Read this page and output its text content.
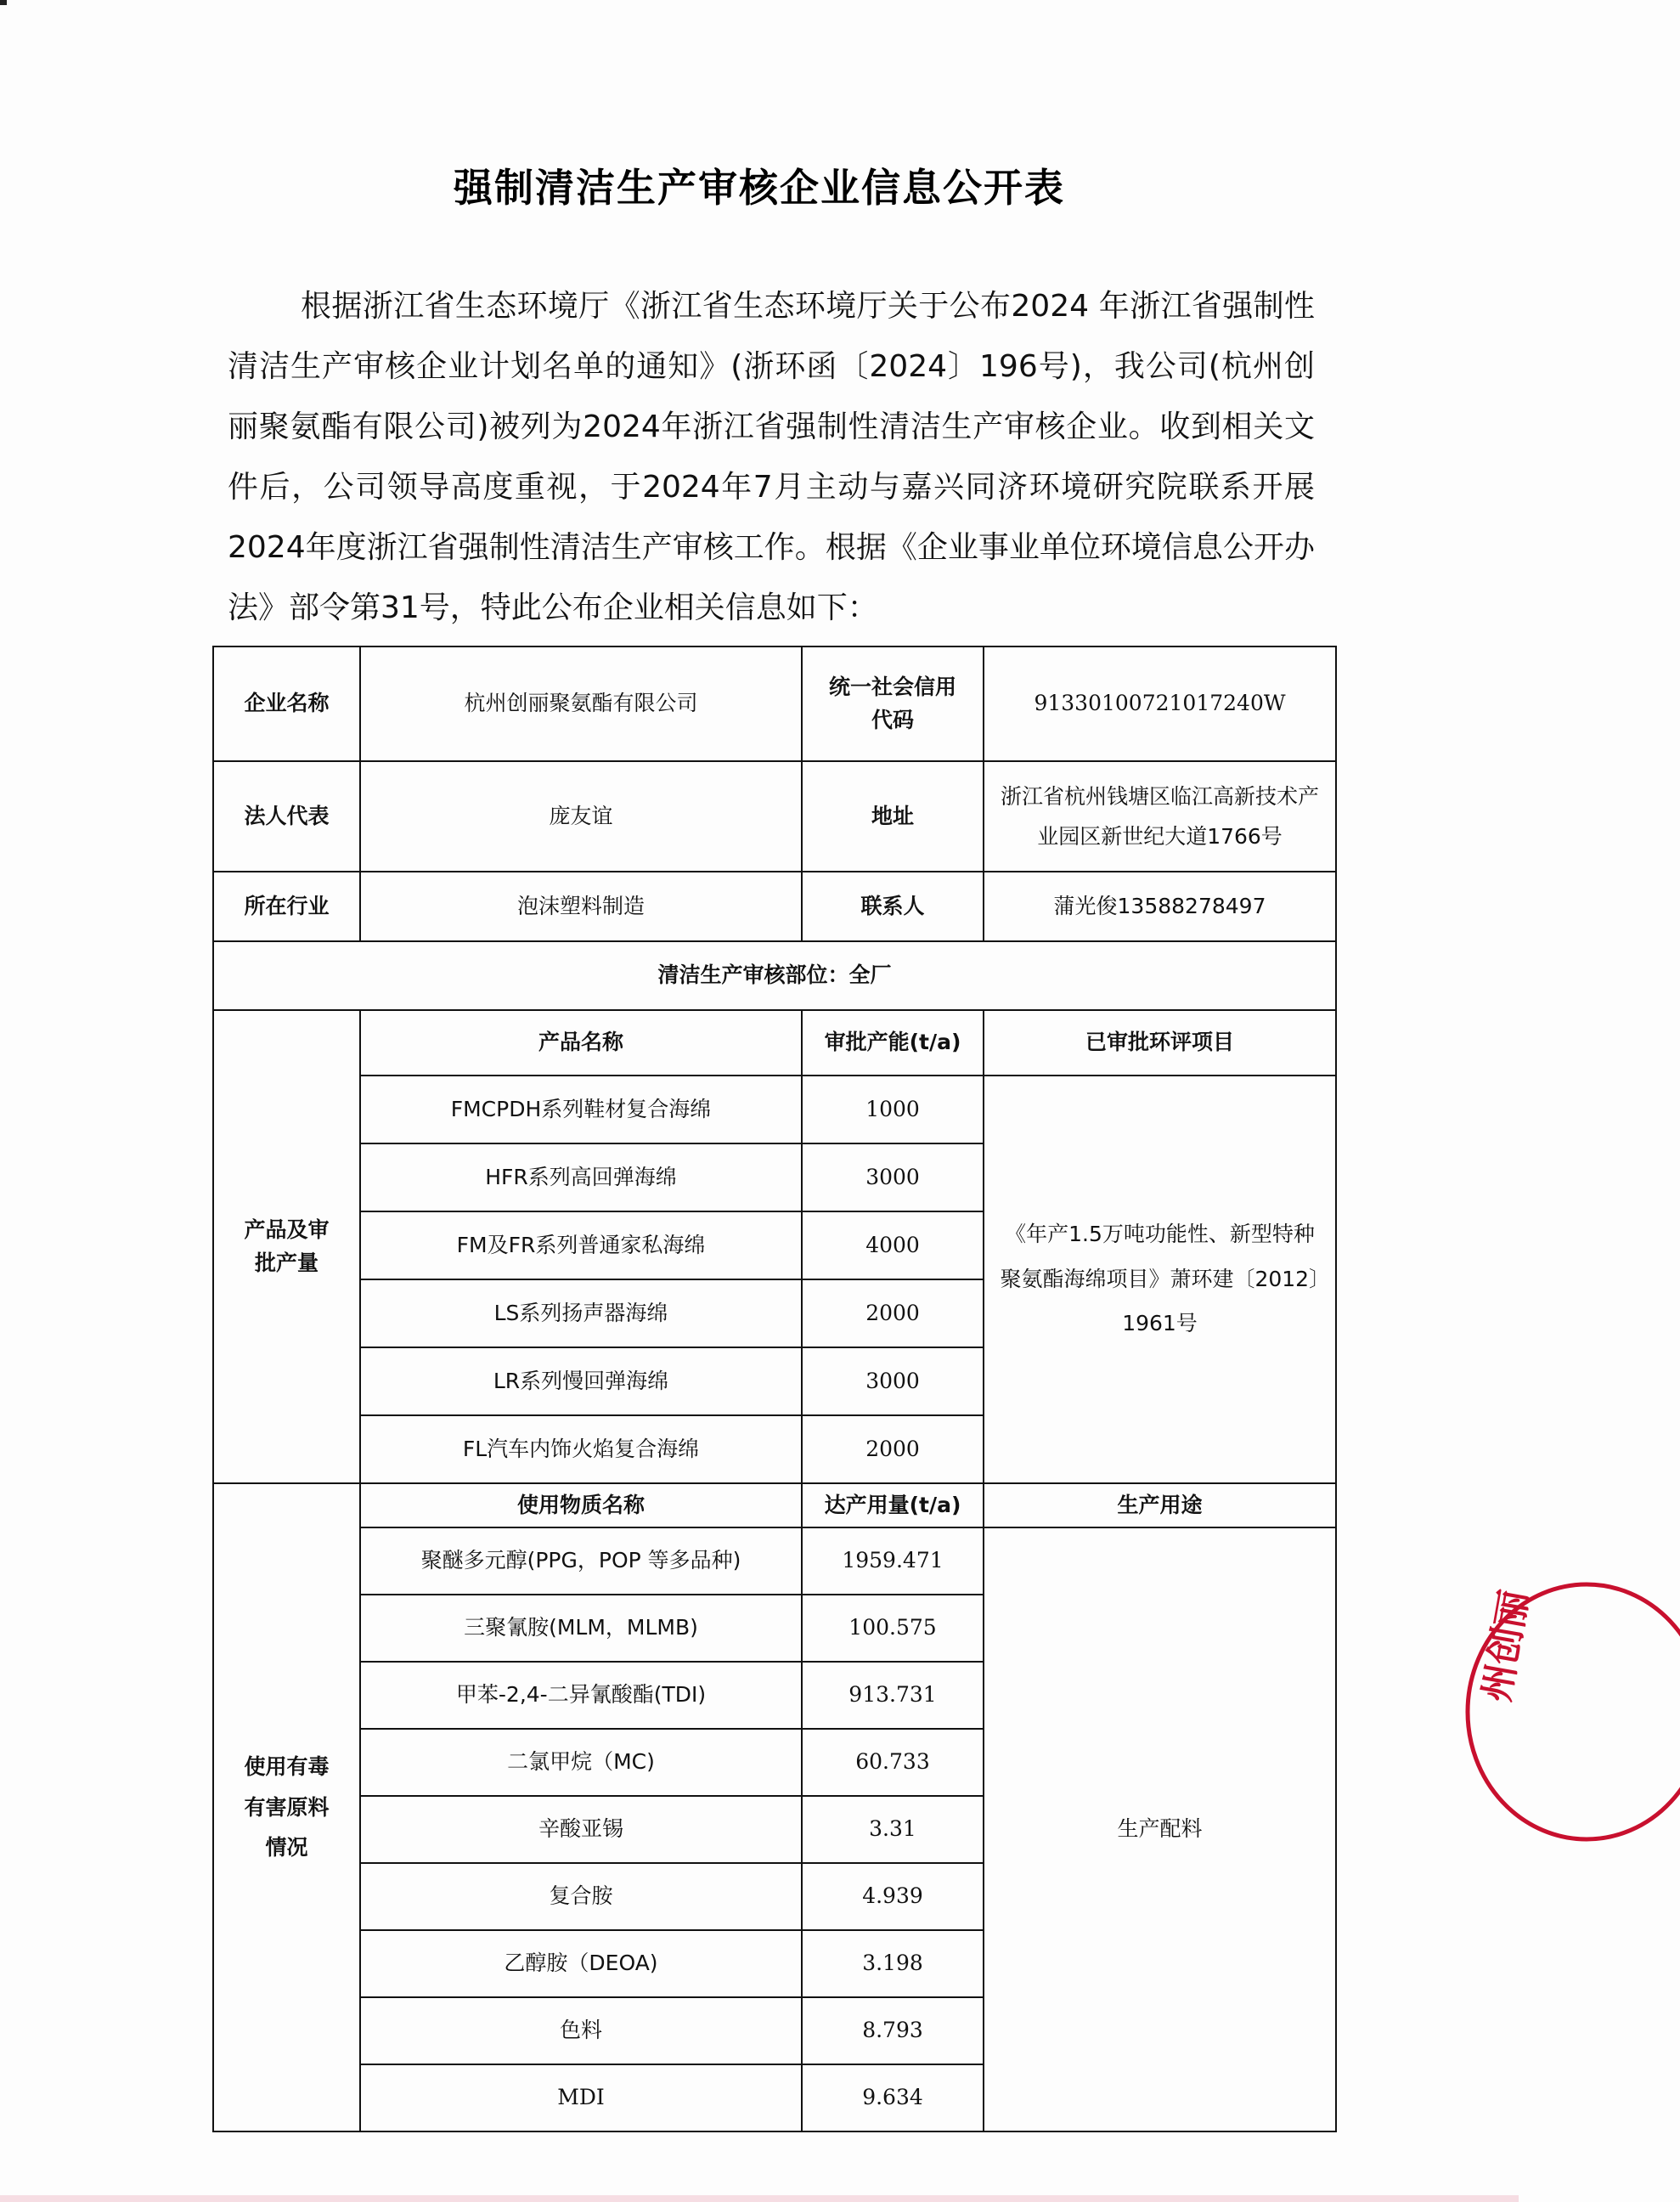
强制清洁生产审核企业信息公开表

根据浙江省生态环境厅《浙江省生态环境厅关于公布2024 年浙江省强制性清洁生产审核企业计划名单的通知》(浙环函〔2024〕196号)，我公司(杭州创丽聚氨酯有限公司)被列为2024年浙江省强制性清洁生产审核企业。收到相关文件后，公司领导高度重视，于2024年7月主动与嘉兴同济环境研究院联系开展2024年度浙江省强制性清洁生产审核工作。根据《企业事业单位环境信息公开办法》部令第31号，特此公布企业相关信息如下：

企业名称	杭州创丽聚氨酯有限公司	统一社会信用代码	91330100721017240W
法人代表	庞友谊	地址	浙江省杭州钱塘区临江高新技术产业园区新世纪大道1766号
所在行业	泡沫塑料制造	联系人	蒲光俊13588278497
清洁生产审核部位：全厂			
产品及审批产量	产品名称	审批产能(t/a)	已审批环评项目
	FMCPDH系列鞋材复合海绵	1000	《年产1.5万吨功能性、新型特种聚氨酯海绵项目》萧环建〔2012〕1961号
	HFR系列高回弹海绵	3000	
	FM及FR系列普通家私海绵	4000	
	LS系列扬声器海绵	2000	
	LR系列慢回弹海绵	3000	
	FL汽车内饰火焰复合海绵	2000	
使用有毒有害原料情况	使用物质名称	达产用量(t/a)	生产用途
	聚醚多元醇(PPG，POP 等多品种)	1959.471	生产配料
	三聚氰胺(MLM，MLMB)	100.575	
	甲苯-2,4-二异氰酸酯(TDI)	913.731	
	二氯甲烷（MC)	60.733	
	辛酸亚锡	3.31	
	复合胺	4.939	
	乙醇胺（DEOA)	3.198	
	色料	8.793	
	MDI	9.634	
州创丽
